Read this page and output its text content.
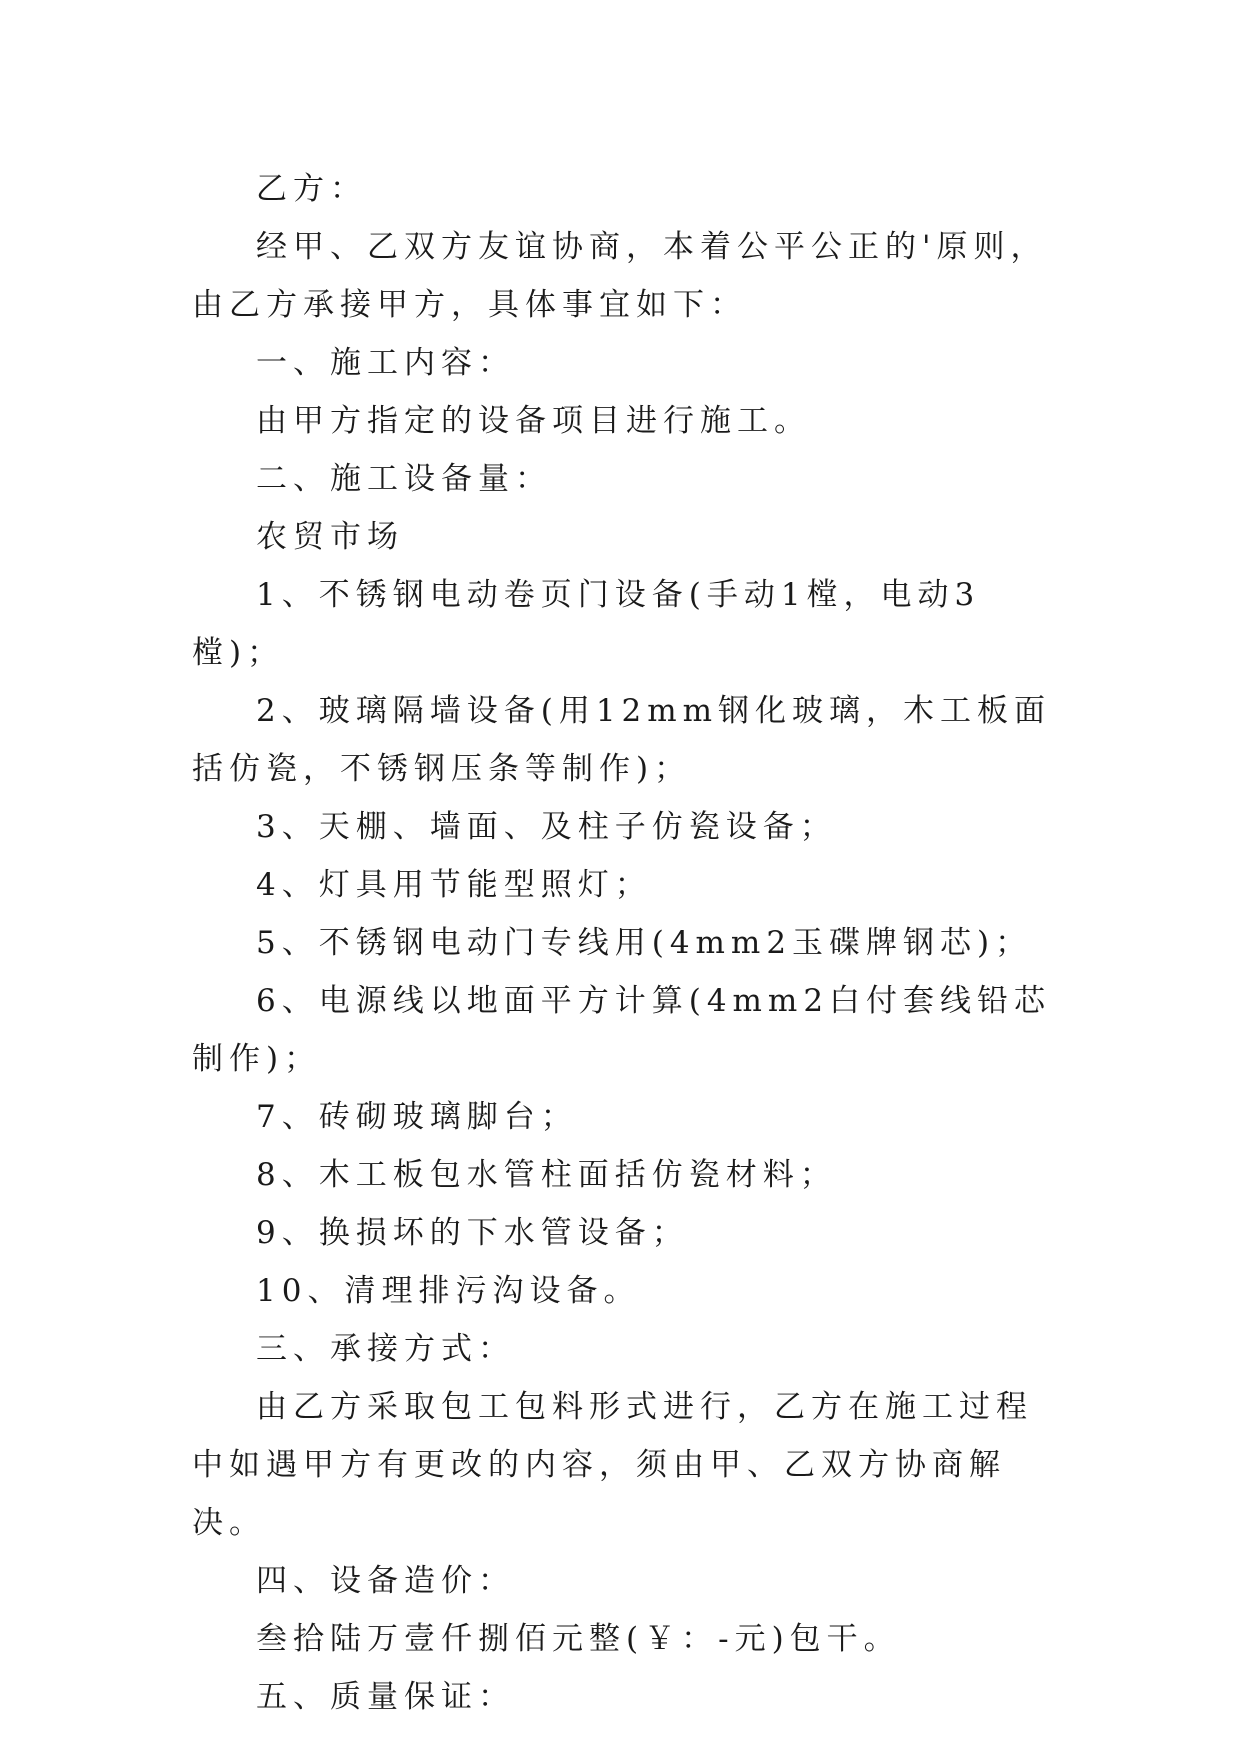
乙方：

经甲、乙双方友谊协商，本着公平公正的'原则，由乙方承接甲方，具体事宜如下：

一、施工内容：

由甲方指定的设备项目进行施工。

二、施工设备量：

农贸市场

1、不锈钢电动卷页门设备(手动1樘，电动3樘)；

2、玻璃隔墙设备(用12mm钢化玻璃，木工板面括仿瓷，不锈钢压条等制作)；

3、天棚、墙面、及柱子仿瓷设备；

4、灯具用节能型照灯；

5、不锈钢电动门专线用(4mm2玉碟牌钢芯)；

6、电源线以地面平方计算(4mm2白付套线铅芯制作)；

7、砖砌玻璃脚台；

8、木工板包水管柱面括仿瓷材料；

9、换损坏的下水管设备；

10、清理排污沟设备。

三、承接方式：

由乙方采取包工包料形式进行，乙方在施工过程中如遇甲方有更改的内容，须由甲、乙双方协商解决。

四、设备造价：

叁拾陆万壹仟捌佰元整(￥：-元)包干。

五、质量保证：
